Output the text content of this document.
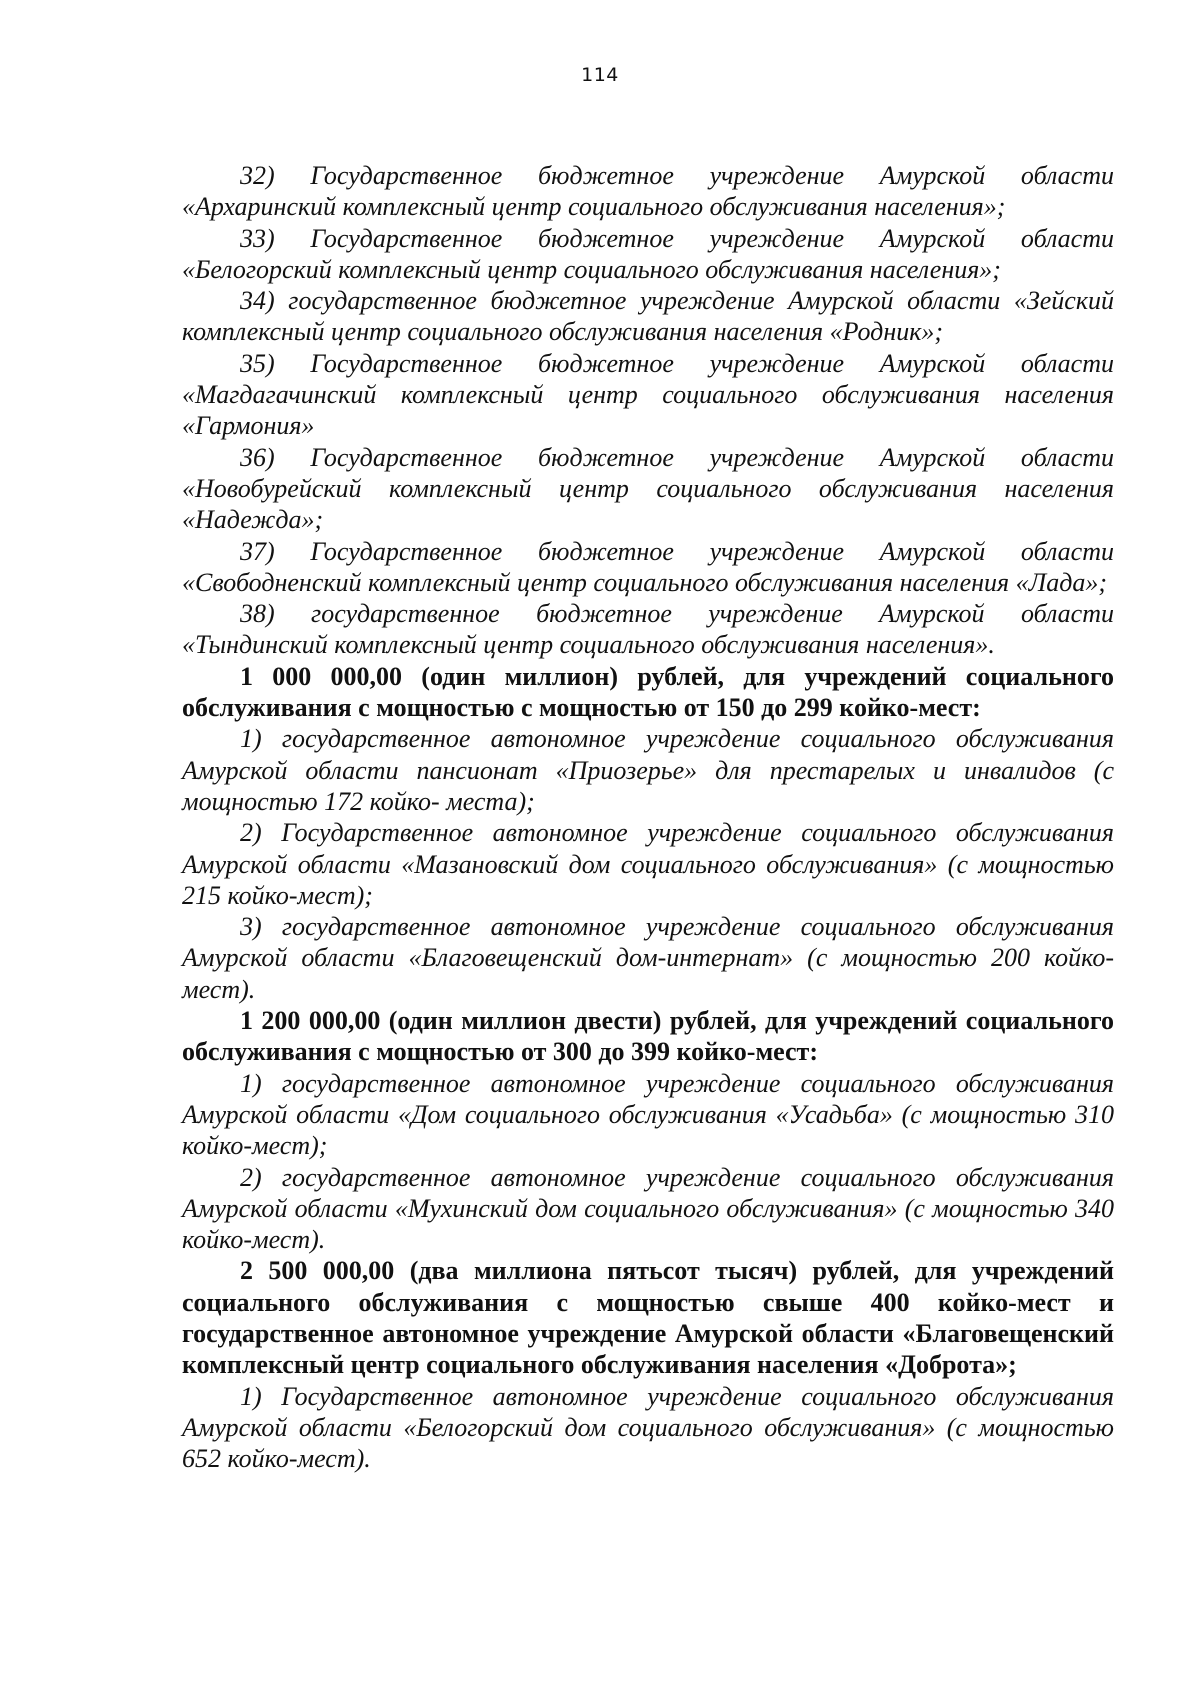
114

32) Государственное бюджетное учреждение Амурской области «Архаринский комплексный центр социального обслуживания населения»;

33) Государственное бюджетное учреждение Амурской области «Белогорский комплексный центр социального обслуживания населения»;

34) государственное бюджетное учреждение Амурской области «Зейский комплексный центр социального обслуживания населения «Родник»;

35) Государственное бюджетное учреждение Амурской области «Магдагачинский комплексный центр социального обслуживания населения «Гармония»

36) Государственное бюджетное учреждение Амурской области «Новобурейский комплексный центр социального обслуживания населения «Надежда»;

37) Государственное бюджетное учреждение Амурской области «Свободненский комплексный центр социального обслуживания населения «Лада»;

38) государственное бюджетное учреждение Амурской области «Тындинский комплексный центр социального обслуживания населения».

1 000 000,00 (один миллион) рублей, для учреждений социального обслуживания с мощностью с мощностью от 150 до 299 койко-мест:

1) государственное автономное учреждение социального обслуживания Амурской области пансионат «Приозерье» для престарелых и инвалидов (с мощностью 172 койко- места);

2) Государственное автономное учреждение социального обслуживания Амурской области «Мазановский дом социального обслуживания» (с мощностью 215 койко-мест);

3) государственное автономное учреждение социального обслуживания Амурской области «Благовещенский дом-интернат» (с мощностью 200 койко-мест).

1 200 000,00 (один миллион двести) рублей, для учреждений социального обслуживания с мощностью от 300 до 399 койко-мест:

1) государственное автономное учреждение социального обслуживания Амурской области «Дом социального обслуживания «Усадьба» (с мощностью 310 койко-мест);

2) государственное автономное учреждение социального обслуживания Амурской области «Мухинский дом социального обслуживания» (с мощностью 340 койко-мест).

2 500 000,00 (два миллиона пятьсот тысяч) рублей, для учреждений социального обслуживания с мощностью свыше 400 койко-мест и государственное автономное учреждение Амурской области «Благовещенский комплексный центр социального обслуживания населения «Доброта»;

1) Государственное автономное учреждение социального обслуживания Амурской области «Белогорский дом социального обслуживания» (с мощностью 652 койко-мест).
